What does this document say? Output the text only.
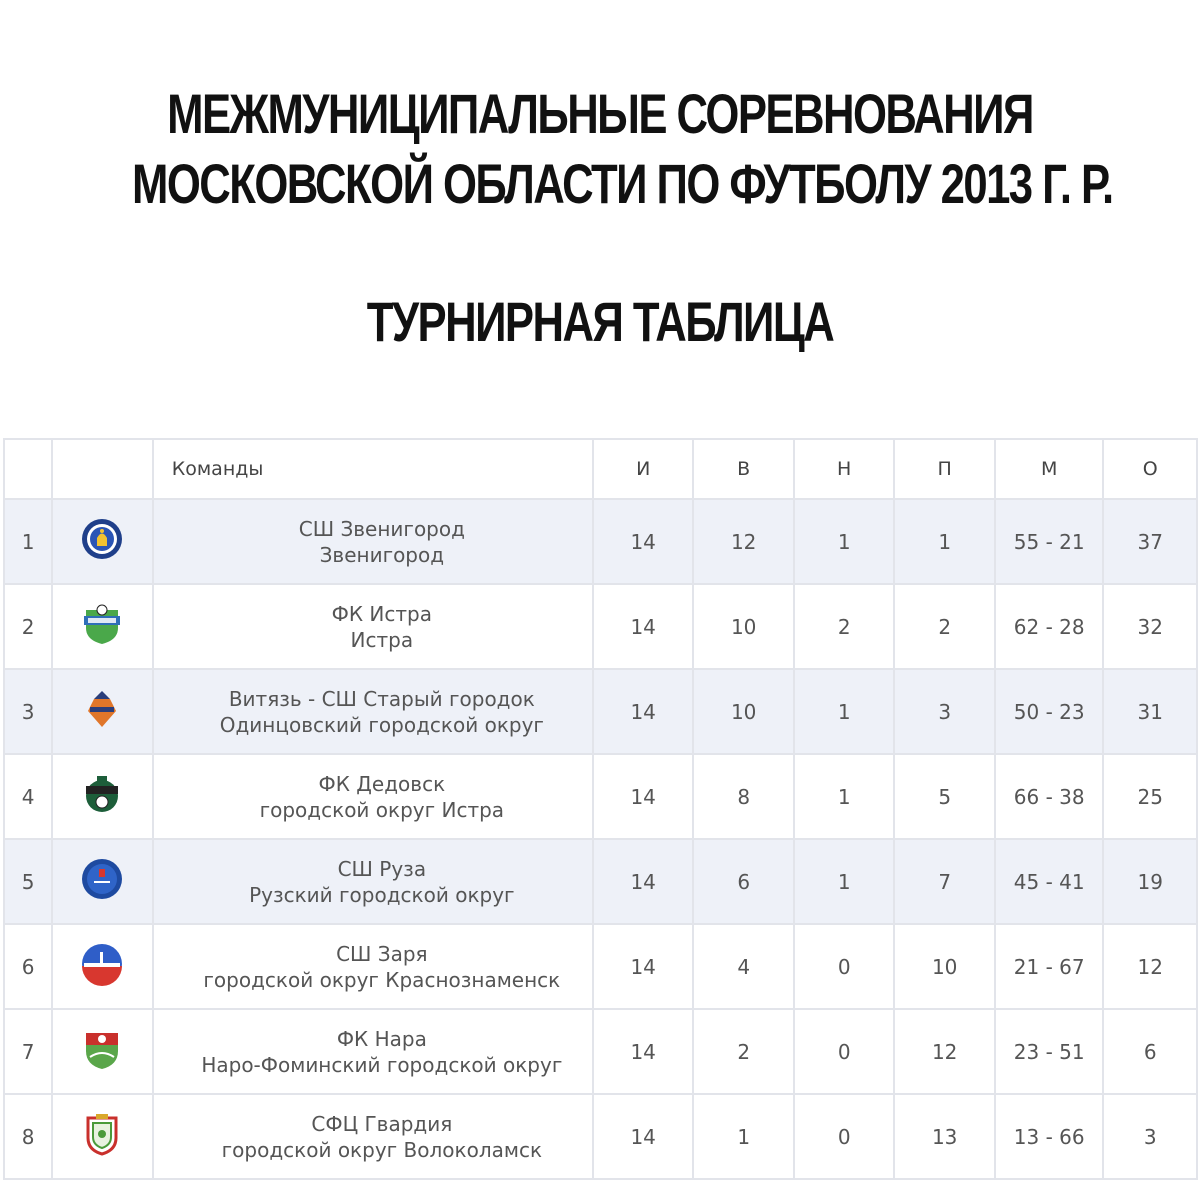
МЕЖМУНИЦИПАЛЬНЫЕ СОРЕВНОВАНИЯ
МОСКОВСКОЙ ОБЛАСТИ ПО ФУТБОЛУ 2013 Г. Р.
ТУРНИРНАЯ ТАБЛИЦА
		Команды	И	В	Н	П	М	О
1		СШ Звенигород
Звенигород	14	12	1	1	55 - 21	37
2		ФК Истра
Истра	14	10	2	2	62 - 28	32
3		Витязь - СШ Старый городок
Одинцовский городской округ	14	10	1	3	50 - 23	31
4		ФК Дедовск
городской округ Истра	14	8	1	5	66 - 38	25
5		СШ Руза
Рузский городской округ	14	6	1	7	45 - 41	19
6		СШ Заря
городской округ Краснознаменск	14	4	0	10	21 - 67	12
7		ФК Нара
Наро-Фоминский городской округ	14	2	0	12	23 - 51	6
8		СФЦ Гвардия
городской округ Волоколамск	14	1	0	13	13 - 66	3
